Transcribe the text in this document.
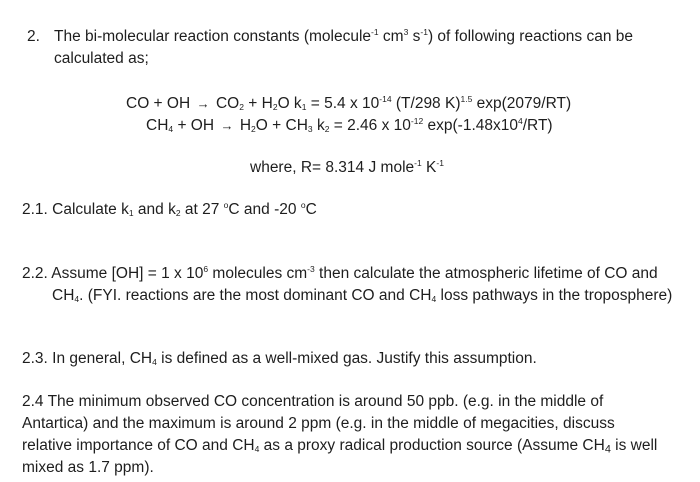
2. The bi-molecular reaction constants (molecule$^{-1}$ $cm^3$ $s^{-1}$) of following reactions can be
calculated as;
CO + OH → $CO_2 + H_2O$ $k_1 = 5.4$ x $10^{-14}$ (T/298 K)$^{1.5}$ exp(2079/RT)
$CH_4$ + OH → $H_2O + CH_3$ $k_2 = 2.46$ x $10^{-12}$ $\exp(-1.48x10^4/RT)$
where, R= 8.314 J mole$^{-1}$ $K^{-1}$
2.1. Calculate $k_1$ and $k_2$ at 27 $^o$C and -20 $^o$C
2.2. Assume [OH] = 1 x $10^6$ molecules $cm^{-3}$ then calculate the atmospheric lifetime of CO and
$CH_4$. (FYI. reactions are the most dominant CO and $CH_4$ loss pathways in the troposphere)
2.3. In general, $CH_4$ is defined as a well-mixed gas. Justify this assumption.
2.4 The minimum observed CO concentration is around 50 ppb. (e.g. in the middle of
Antartica) and the maximum is around 2 ppm (e.g. in the middle of megacities, discuss
relative importance of CO and $CH_4$ as a proxy radical production source (Assume $CH_4$ is well
mixed as 1.7 ppm).
